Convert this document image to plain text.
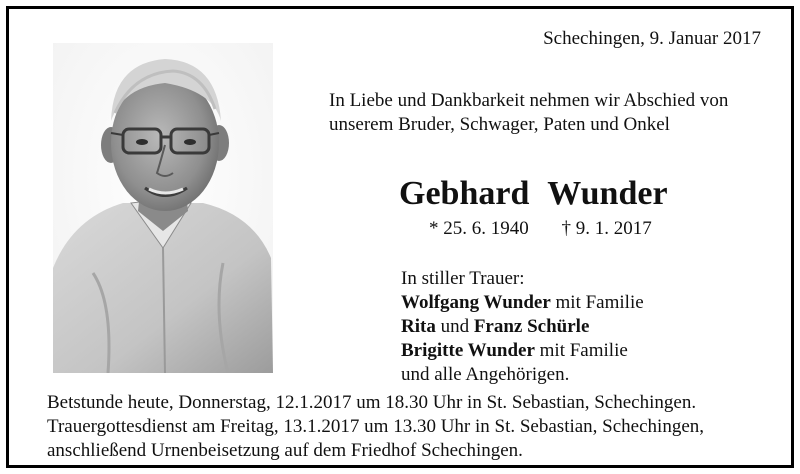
Schechingen, 9. Januar 2017
In Liebe und Dankbarkeit nehmen wir Abschied von
unserem Bruder, Schwager, Paten und Onkel
Gebhard Wunder
* 25. 6. 1940 † 9. 1. 2017
In stiller Trauer:
Wolfgang Wunder mit Familie
Rita und Franz Schürle
Brigitte Wunder mit Familie
und alle Angehörigen.
Betstunde heute, Donnerstag, 12.1.2017 um 18.30 Uhr in St. Sebastian, Schechingen.
Trauergottesdienst am Freitag, 13.1.2017 um 13.30 Uhr in St. Sebastian, Schechingen,
anschließend Urnenbeisetzung auf dem Friedhof Schechingen.
